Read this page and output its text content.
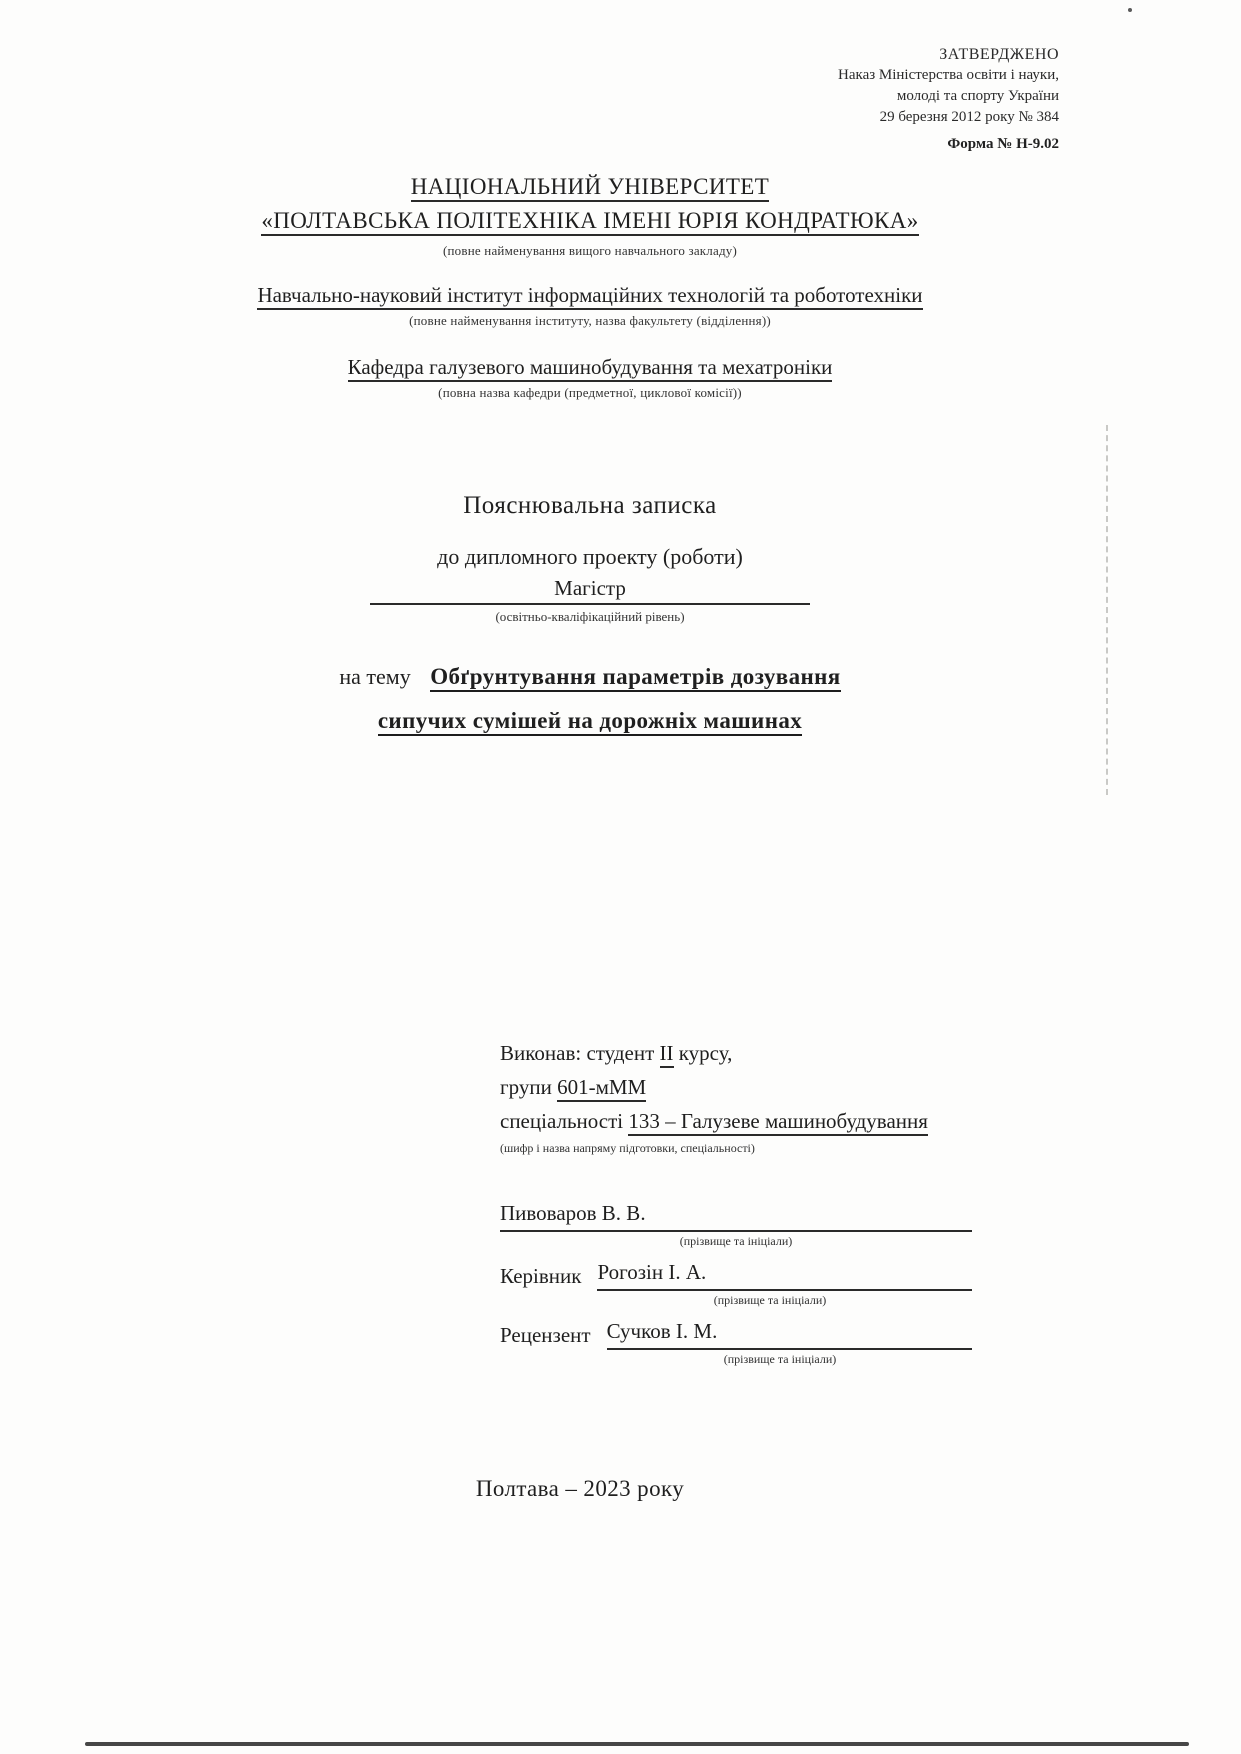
ЗАТВЕРДЖЕНО
Наказ Міністерства освіти і науки,
молоді та спорту України
29 березня 2012 року № 384
Форма № Н-9.02
НАЦІОНАЛЬНИЙ УНІВЕРСИТЕТ
«ПОЛТАВСЬКА ПОЛІТЕХНІКА ІМЕНІ ЮРІЯ КОНДРАТЮКА»
(повне найменування вищого навчального закладу)
Навчально-науковий інститут інформаційних технологій та робототехніки
(повне найменування інституту, назва факультету (відділення))
Кафедра галузевого машинобудування та мехатроніки
(повна назва кафедри (предметної, циклової комісії))
Пояснювальна записка
до дипломного проекту (роботи)
Магістр
(освітньо-кваліфікаційний рівень)
на тему Обґрунтування параметрів дозування
сипучих сумішей на дорожніх машинах
Виконав: студент ІІ курсу,
групи 601-мММ
спеціальності 133 – Галузеве машинобудування
(шифр і назва напряму підготовки, спеціальності)
Пивоваров В. В.
(прізвище та ініціали)
Керівник Рогозін І. А.
(прізвище та ініціали)
Рецензент Сучков І. М.
(прізвище та ініціали)
Полтава – 2023 року
